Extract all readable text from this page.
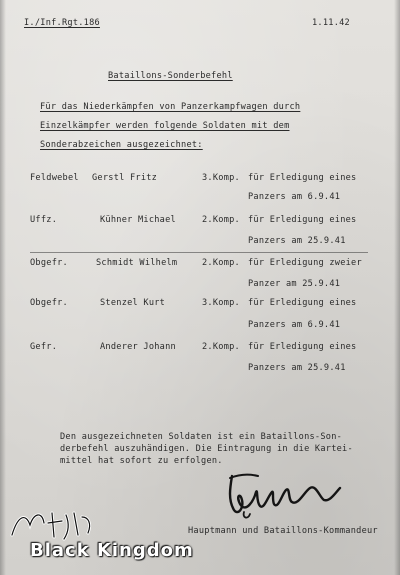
I./Inf.Rgt.186	1.11.42
Bataillons-Sonderbefehl
Für das Niederkämpfen von Panzerkampfwagen durch
Einzelkämpfer werden folgende Soldaten mit dem
Sonderabzeichen ausgezeichnet:
Feldwebel Gerstl Fritz	3.Komp. für Erledigung eines
Panzers am 6.9.41
Uffz.	Kühner Michael	2.Komp. für Erledigung eines
Panzers am 25.9.41
Obgefr.	Schmidt Wilhelm	2.Komp. für Erledigung zweier
Panzer am 25.9.41
Obgefr.	Stenzel Kurt	3.Komp. für Erledigung eines
Panzers am 6.9.41
Gefr.	Anderer Johann	2.Komp. für Erledigung eines
Panzers am 25.9.41
Den ausgezeichneten Soldaten ist ein Bataillons-Son-
derbefehl auszuhändigen. Die Eintragung in die Kartei-
mittel hat sofort zu erfolgen.
Hauptmann und Bataillons-Kommandeur
Black Kingdom
